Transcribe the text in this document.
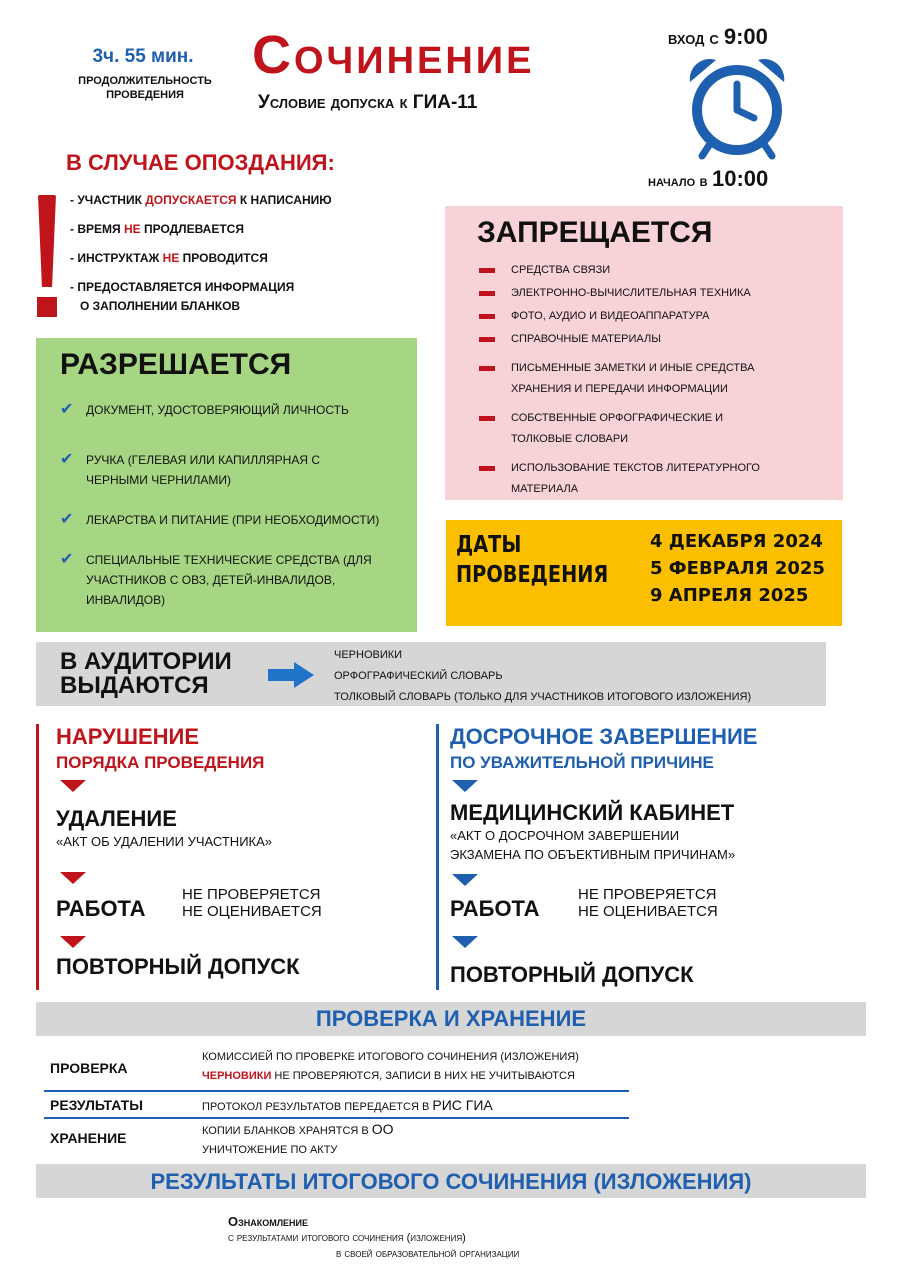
3ч. 55 мин.
ПРОДОЛЖИТЕЛЬНОСТЬ
ПРОВЕДЕНИЯ
Сочинение
Условие допуска к ГИА-11
вход с 9:00
начало в 10:00
В СЛУЧАЕ ОПОЗДАНИЯ:
- УЧАСТНИК ДОПУСКАЕТСЯ К НАПИСАНИЮ
- ВРЕМЯ НЕ ПРОДЛЕВАЕТСЯ
- ИНСТРУКТАЖ НЕ ПРОВОДИТСЯ
- ПРЕДОСТАВЛЯЕТСЯ ИНФОРМАЦИЯ
О ЗАПОЛНЕНИИ БЛАНКОВ
ЗАПРЕЩАЕТСЯ
СРЕДСТВА СВЯЗИ
ЭЛЕКТРОННО-ВЫЧИСЛИТЕЛЬНАЯ ТЕХНИКА
ФОТО, АУДИО И ВИДЕОАППАРАТУРА
СПРАВОЧНЫЕ МАТЕРИАЛЫ
ПИСЬМЕННЫЕ ЗАМЕТКИ И ИНЫЕ СРЕДСТВА ХРАНЕНИЯ И ПЕРЕДАЧИ ИНФОРМАЦИИ
СОБСТВЕННЫЕ ОРФОГРАФИЧЕСКИЕ И ТОЛКОВЫЕ СЛОВАРИ
ИСПОЛЬЗОВАНИЕ ТЕКСТОВ ЛИТЕРАТУРНОГО МАТЕРИАЛА
РАЗРЕШАЕТСЯ
✔	ДОКУМЕНТ, УДОСТОВЕРЯЮЩИЙ ЛИЧНОСТЬ
✔	РУЧКА (ГЕЛЕВАЯ ИЛИ КАПИЛЛЯРНАЯ С ЧЕРНЫМИ ЧЕРНИЛАМИ)
✔	ЛЕКАРСТВА И ПИТАНИЕ (ПРИ НЕОБХОДИМОСТИ)
✔	СПЕЦИАЛЬНЫЕ ТЕХНИЧЕСКИЕ СРЕДСТВА (ДЛЯ УЧАСТНИКОВ С ОВЗ, ДЕТЕЙ-ИНВАЛИДОВ, ИНВАЛИДОВ)
ДАТЫ
ПРОВЕДЕНИЯ
4 ДЕКАБРЯ 2024
5 ФЕВРАЛЯ 2025
9 АПРЕЛЯ 2025
В АУДИТОРИИ
ВЫДАЮТСЯ
ЧЕРНОВИКИ
ОРФОГРАФИЧЕСКИЙ СЛОВАРЬ
ТОЛКОВЫЙ СЛОВАРЬ (ТОЛЬКО ДЛЯ УЧАСТНИКОВ ИТОГОВОГО ИЗЛОЖЕНИЯ)
НАРУШЕНИЕ
ПОРЯДКА ПРОВЕДЕНИЯ
УДАЛЕНИЕ
«АКТ ОБ УДАЛЕНИИ УЧАСТНИКА»
РАБОТА
НЕ ПРОВЕРЯЕТСЯ
НЕ ОЦЕНИВАЕТСЯ
ПОВТОРНЫЙ ДОПУСК
ДОСРОЧНОЕ ЗАВЕРШЕНИЕ
ПО УВАЖИТЕЛЬНОЙ ПРИЧИНЕ
МЕДИЦИНСКИЙ КАБИНЕТ
«АКТ О ДОСРОЧНОМ ЗАВЕРШЕНИИ
ЭКЗАМЕНА ПО ОБЪЕКТИВНЫМ ПРИЧИНАМ»
РАБОТА
НЕ ПРОВЕРЯЕТСЯ
НЕ ОЦЕНИВАЕТСЯ
ПОВТОРНЫЙ ДОПУСК
ПРОВЕРКА И ХРАНЕНИЕ
ПРОВЕРКА
КОМИССИЕЙ ПО ПРОВЕРКЕ ИТОГОВОГО СОЧИНЕНИЯ (ИЗЛОЖЕНИЯ)
ЧЕРНОВИКИ НЕ ПРОВЕРЯЮТСЯ, ЗАПИСИ В НИХ НЕ УЧИТЫВАЮТСЯ
РЕЗУЛЬТАТЫ	ПРОТОКОЛ РЕЗУЛЬТАТОВ ПЕРЕДАЕТСЯ В РИС ГИА
ХРАНЕНИЕ	КОПИИ БЛАНКОВ ХРАНЯТСЯ В ОО
УНИЧТОЖЕНИЕ ПО АКТУ
РЕЗУЛЬТАТЫ ИТОГОВОГО СОЧИНЕНИЯ (ИЗЛОЖЕНИЯ)
Ознакомление
с результатами итогового сочинения (изложения)
в своей образовательной организации
